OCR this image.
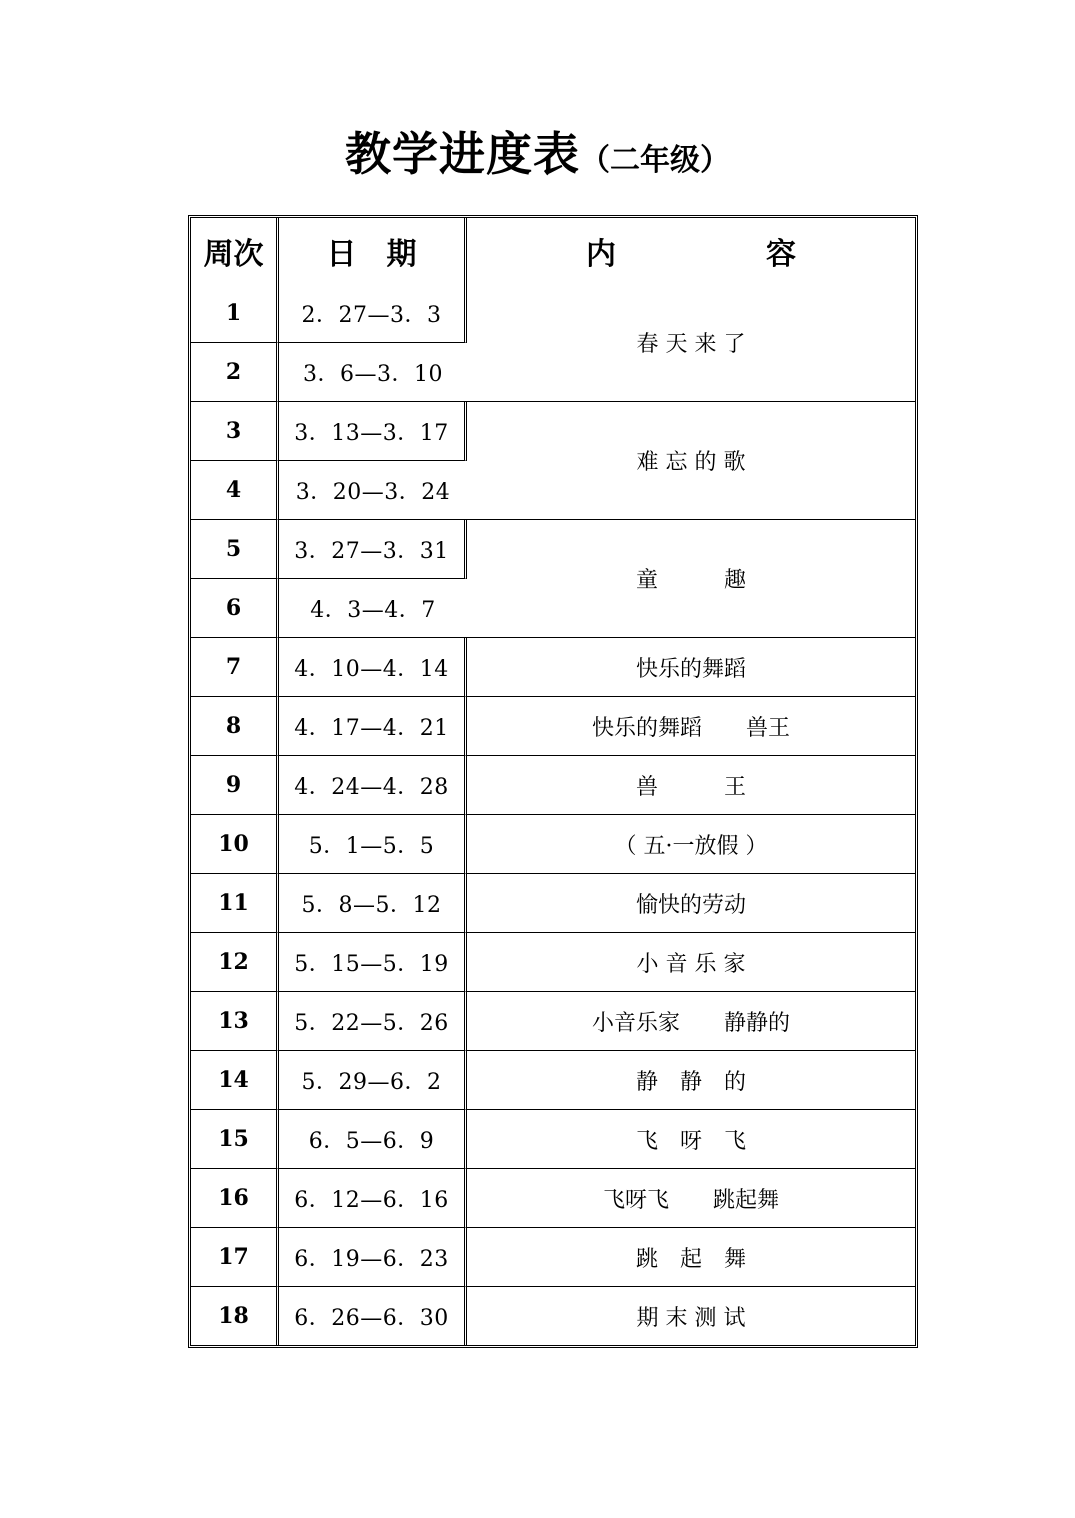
教学进度表（二年级）
周次	日　期	内　　　　　容
1	2．27—3．3	春 天 来 了
2	3．6—3．10	
3	3．13—3．17	难 忘 的 歌
4	3．20—3．24	
5	3．27—3．31	童　　　趣
6	4．3—4．7	
7	4．10—4．14	快乐的舞蹈
8	4．17—4．21	快乐的舞蹈　　兽王
9	4．24—4．28	兽　　　王
10	5．1—5．5	（ 五·一放假 ）
11	5．8—5．12	愉快的劳动
12	5．15—5．19	小 音 乐 家
13	5．22—5．26	小音乐家　　静静的
14	5．29—6．2	静　静　的
15	6．5—6．9	飞　呀　飞
16	6．12—6．16	飞呀飞　　跳起舞
17	6．19—6．23	跳　起　舞
18	6．26—6．30	期 末 测 试
